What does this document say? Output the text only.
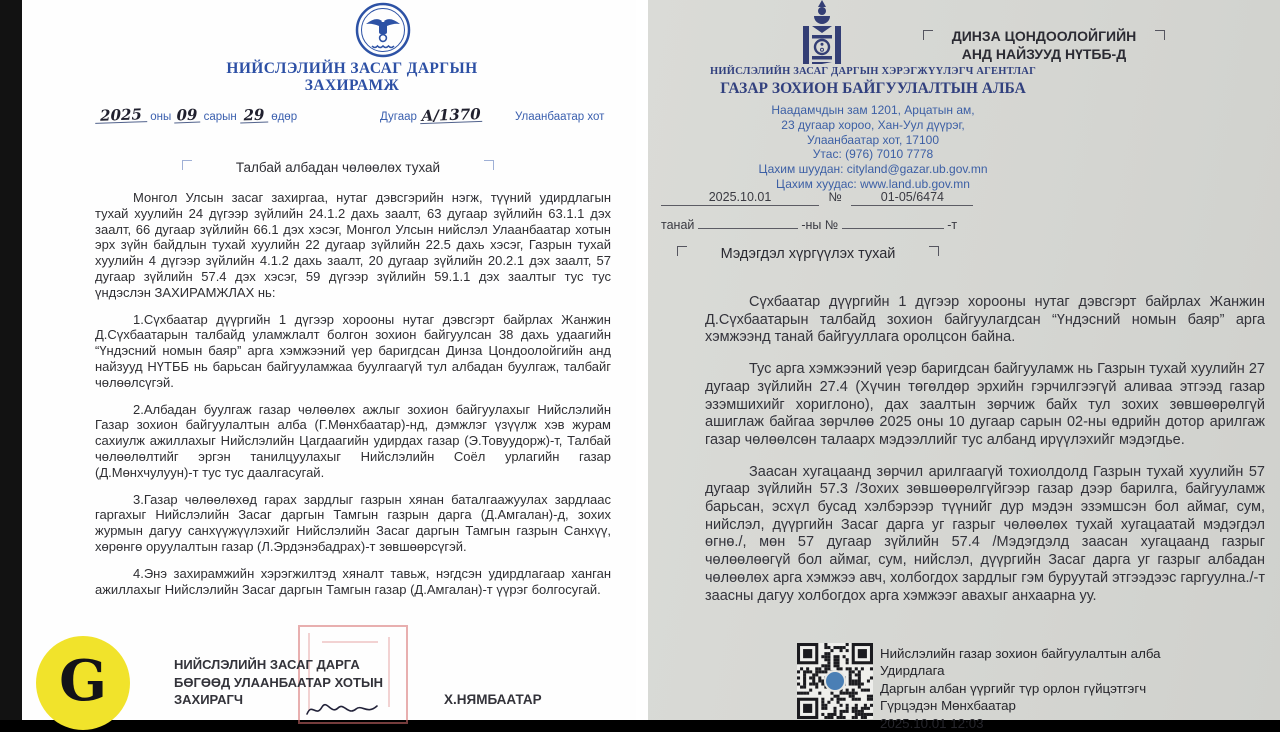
НИЙСЛЭЛИЙН ЗАСАГ ДАРГЫН
ЗАХИРАМЖ
2025 оны 09 сарын 29 өдөр	Дугаар А/1370	Улаанбаатар хот
Талбай албадан чөлөөлөх тухай

Монгол Улсын засаг захиргаа, нутаг дэвсгэрийн нэгж, түүний удирдлагын тухай хуулийн 24 дүгээр зүйлийн 24.1.2 дахь заалт, 63 дугаар зүйлийн 63.1.1 дэх заалт, 66 дугаар зүйлийн 66.1 дэх хэсэг, Монгол Улсын нийслэл Улаанбаатар хотын эрх зүйн байдлын тухай хуулийн 22 дугаар зүйлийн 22.5 дахь хэсэг, Газрын тухай хуулийн 4 дүгээр зүйлийн 4.1.2 дахь заалт, 20 дугаар зүйлийн 20.2.1 дэх заалт, 57 дугаар зүйлийн 57.4 дэх хэсэг, 59 дүгээр зүйлийн 59.1.1 дэх заалтыг тус тус үндэслэн ЗАХИРАМЖЛАХ нь:

1.Сүхбаатар дүүргийн 1 дүгээр хорооны нутаг дэвсгэрт байрлах Жанжин Д.Сүхбаатарын талбайд уламжлалт болгон зохион байгуулсан 38 дахь удаагийн “Үндэсний номын баяр” арга хэмжээний үер баригдсан Динза Цондоолойгийн анд найзууд НҮТББ нь барьсан байгууламжаа буулгаагүй тул албадан буулгаж, талбайг чөлөөлсүгэй.

2.Албадан буулгаж газар чөлөөлөх ажлыг зохион байгуулахыг Нийслэлийн Газар зохион байгуулалтын алба (Г.Мөнхбаатар)-нд, дэмжлэг үзүүлж хэв журам сахиулж ажиллахыг Нийслэлийн Цагдаагийн удирдах газар (Э.Товуудорж)-т, Талбай чөлөөлөлтийг эргэн танилцуулахыг Нийслэлийн Соёл урлагийн газар (Д.Мөнхчулуун)-т тус тус даалгасугай.

3.Газар чөлөөлөхөд гарах зардлыг газрын хянан баталгаажуулах зардлаас гаргахыг Нийслэлийн Засаг даргын Тамгын газрын дарга (Д.Амгалан)-д, зохих журмын дагуу санхүүжүүлэхийг Нийслэлийн Засаг даргын Тамгын газрын Санхүү, хөрөнгө оруулалтын газар (Л.Эрдэнэбадрах)-т зөвшөөрсүгэй.

4.Энэ захирамжийн хэрэгжилтэд хяналт тавьж, нэгдсэн удирдлагаар ханган ажиллахыг Нийслэлийн Засаг даргын Тамгын газар (Д.Амгалан)-т үүрэг болгосугай.

НИЙСЛЭЛИЙН ЗАСАГ ДАРГА
БӨГӨӨД УЛААНБААТАР ХОТЫН
ЗАХИРАГЧ	Х.НЯМБААТАР
G
ДИНЗА ЦОНДООЛОЙГИЙН АНД НАЙЗУУД НҮТББ-Д
НИЙСЛЭЛИЙН ЗАСАГ ДАРГЫН ХЭРЭГЖҮҮЛЭГЧ АГЕНТЛАГ
ГАЗАР ЗОХИОН БАЙГУУЛАЛТЫН АЛБА
Наадамчдын зам 1201, Арцатын ам,
23 дугаар хороо, Хан-Уул дүүрэг,
Улаанбаатар хот, 17100
Утас: (976) 7010 7778
Цахим шуудан: cityland@gazar.ub.gov.mn
Цахим хуудас: www.land.ub.gov.mn
2025.10.01	№	01-05/6474
танай	-ны №	-т
Мэдэгдэл хүргүүлэх тухай

Сүхбаатар дүүргийн 1 дүгээр хорооны нутаг дэвсгэрт байрлах Жанжин Д.Сүхбаатарын талбайд зохион байгуулагдсан “Үндэсний номын баяр” арга хэмжээнд танай байгууллага оролцсон байна.

Тус арга хэмжээний үеэр баригдсан байгууламж нь Газрын тухай хуулийн 27 дугаар зүйлийн 27.4 (Хүчин төгөлдөр эрхийн гэрчилгээгүй аливаа этгээд газар эзэмшихийг хориглоно), дах заалтын зөрчиж байх тул зохих зөвшөөрөлгүй ашиглаж байгаа зөрчлөө 2025 оны 10 дугаар сарын 02-ны өдрийн дотор арилгаж газар чөлөөлсөн талаарх мэдээллийг тус албанд ирүүлэхийг мэдэгдье.

Заасан хугацаанд зөрчил арилгаагүй тохиолдолд Газрын тухай хуулийн 57 дугаар зүйлийн 57.3 /Зохих зөвшөөрөлгүйгээр газар дээр барилга, байгууламж барьсан, эсхүл бусад хэлбэрээр түүнийг дур мэдэн эзэмшсэн бол аймаг, сум, нийслэл, дүүргийн Засаг дарга уг газрыг чөлөөлөх тухай хугацаатай мэдэгдэл өгнө./, мөн 57 дугаар зүйлийн 57.4 /Мэдэгдэлд заасан хугацаанд газрыг чөлөөлөөгүй бол аймаг, сум, нийслэл, дүүргийн Засаг дарга уг газрыг албадан чөлөөлөх арга хэмжээ авч, холбогдох зардлыг гэм буруутай этгээдээс гаргуулна./-т заасны дагуу холбогдох арга хэмжээг авахыг анхаарна уу.

Нийслэлийн газар зохион байгуулалтын алба
Удирдлага
Даргын албан үүргийг түр орлон гүйцэтгэгч
Гүрцэдэн Мөнхбаатар
2025.10.01 12:03
